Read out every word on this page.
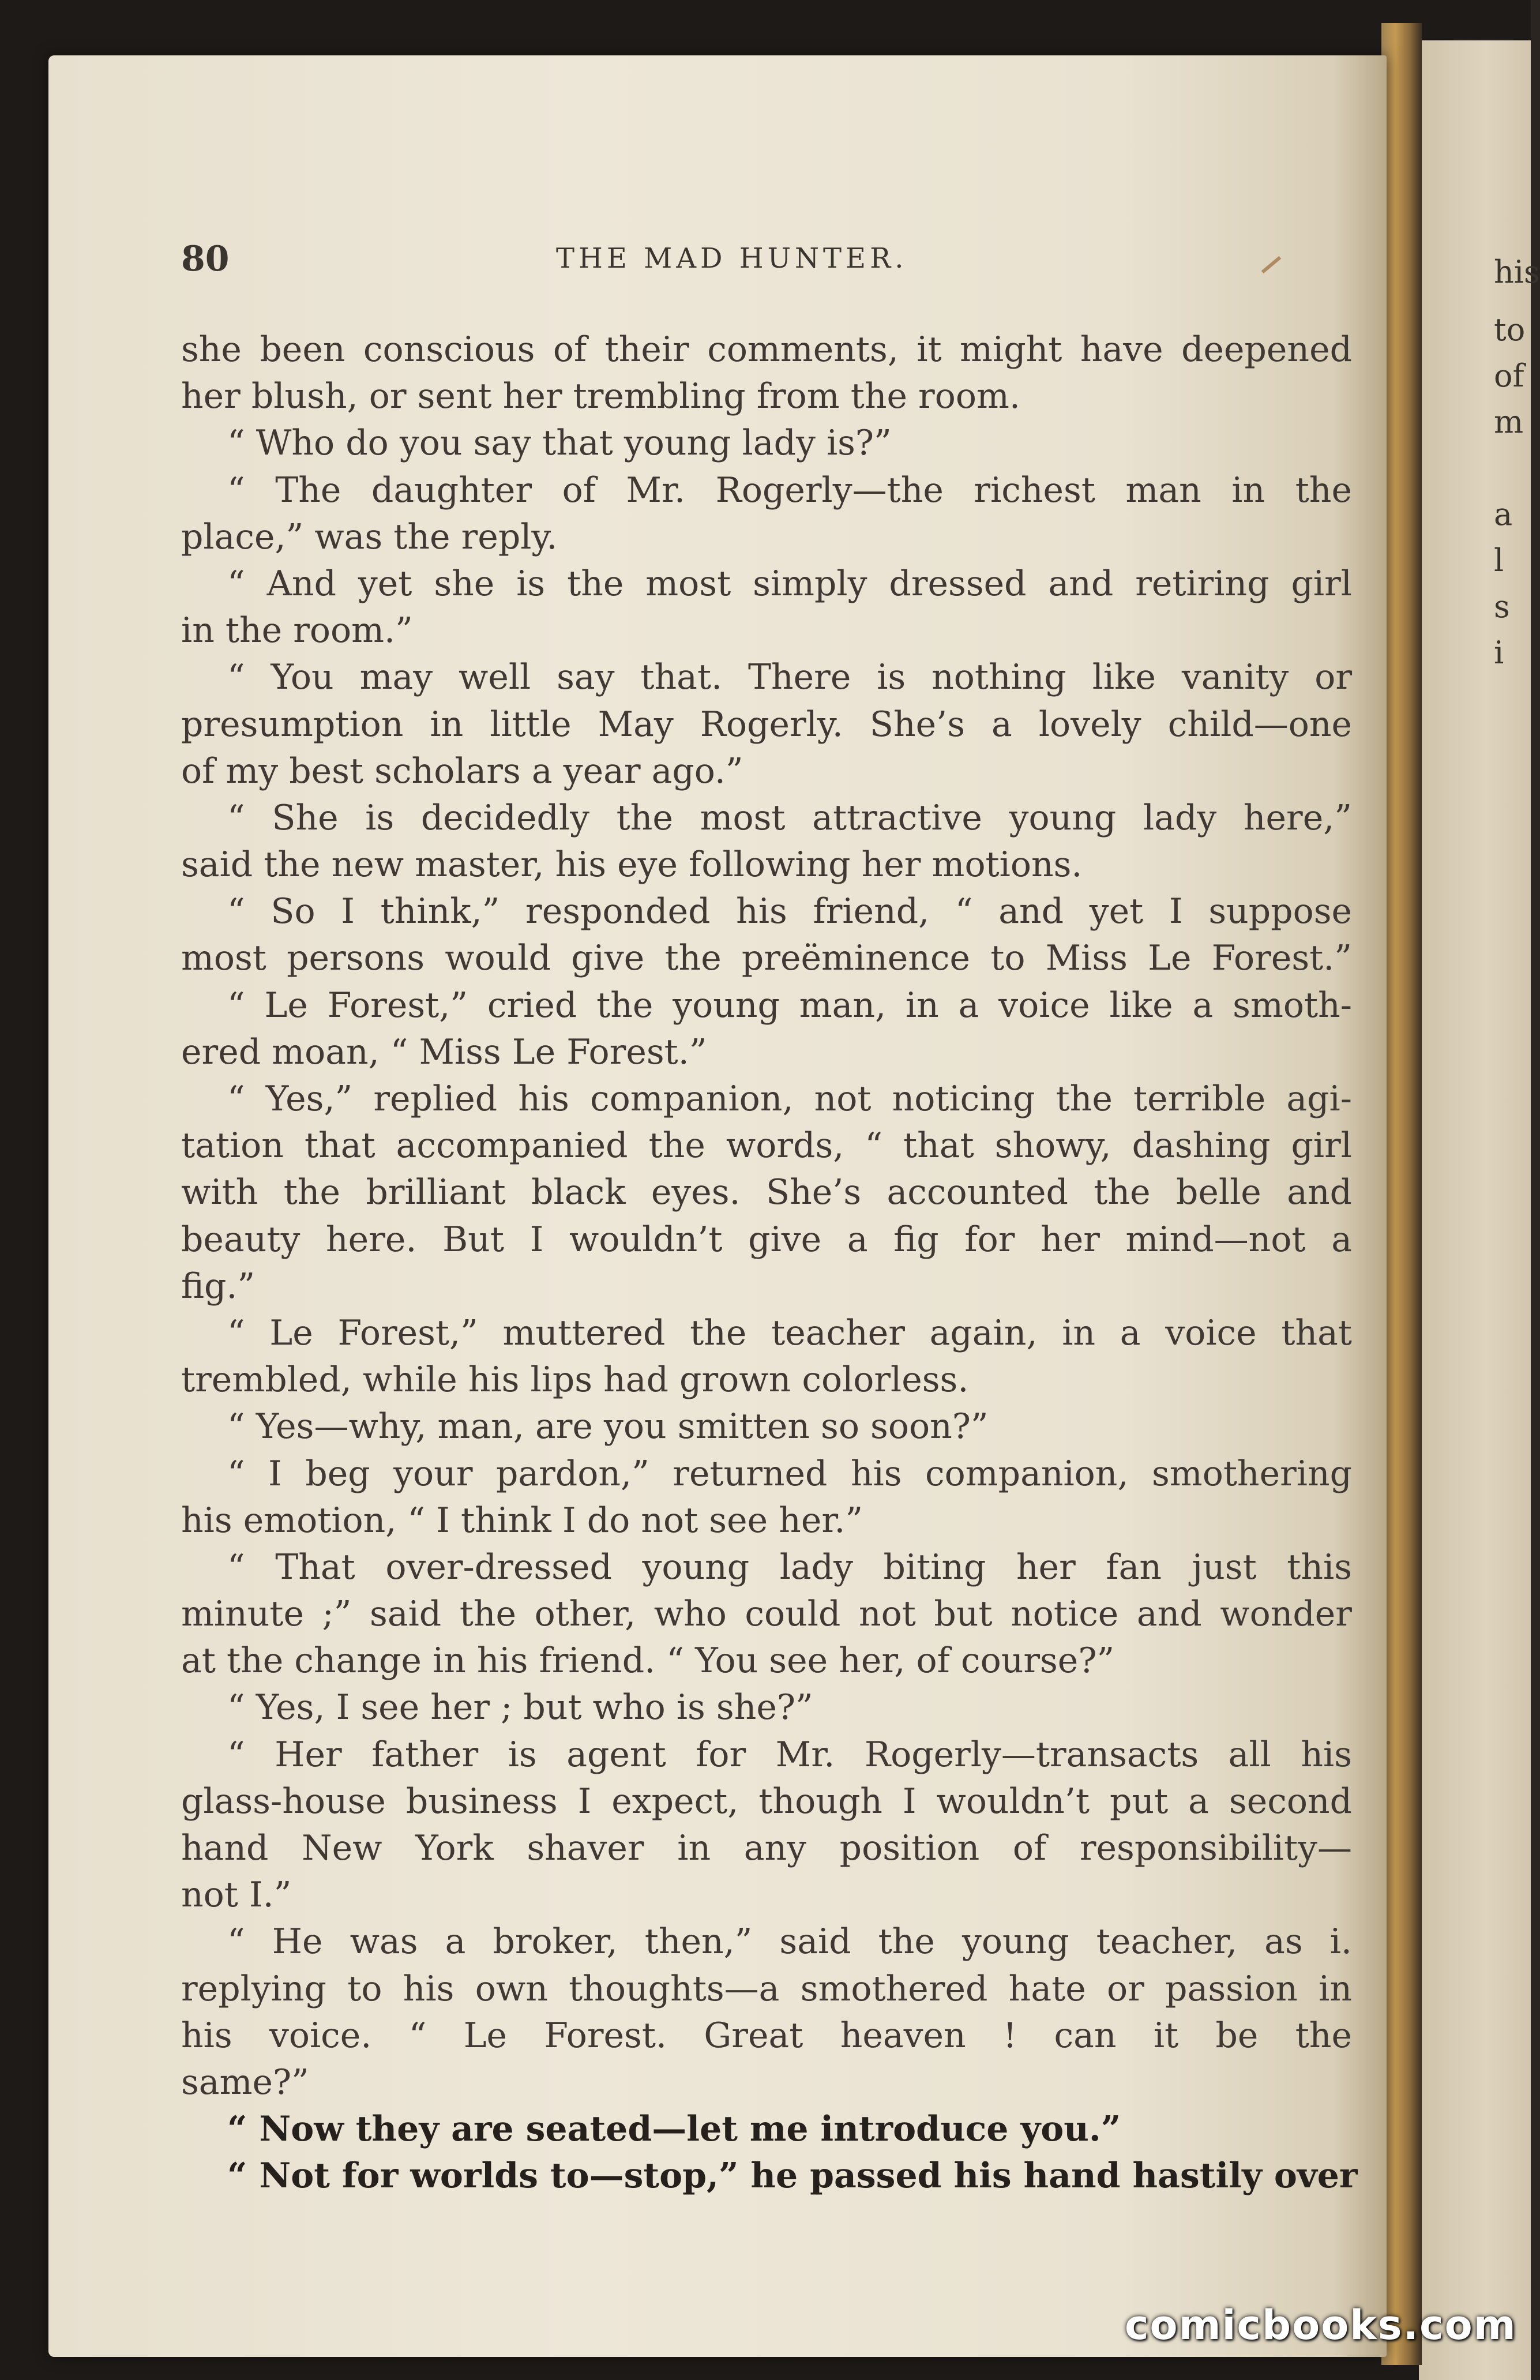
his
to
of
m
a
l
s
i
80	THE MAD HUNTER.
she been conscious of their comments, it might have deepened
her blush, or sent her trembling from the room.
“ Who do you say that young lady is?”
“ The daughter of Mr. Rogerly—the richest man in the
place,” was the reply.
“ And yet she is the most simply dressed and retiring girl
in the room.”
“ You may well say that. There is nothing like vanity or
presumption in little May Rogerly. She’s a lovely child—one
of my best scholars a year ago.”
“ She is decidedly the most attractive young lady here,”
said the new master, his eye following her motions.
“ So I think,” responded his friend, “ and yet I suppose
most persons would give the preëminence to Miss Le Forest.”
“ Le Forest,” cried the young man, in a voice like a smoth-
ered moan, “ Miss Le Forest.”
“ Yes,” replied his companion, not noticing the terrible agi-
tation that accompanied the words, “ that showy, dashing girl
with the brilliant black eyes. She’s accounted the belle and
beauty here. But I wouldn’t give a fig for her mind—not a
fig.”
“ Le Forest,” muttered the teacher again, in a voice that
trembled, while his lips had grown colorless.
“ Yes—why, man, are you smitten so soon?”
“ I beg your pardon,” returned his companion, smothering
his emotion, “ I think I do not see her.”
“ That over-dressed young lady biting her fan just this
minute ;” said the other, who could not but notice and wonder
at the change in his friend. “ You see her, of course?”
“ Yes, I see her ; but who is she?”
“ Her father is agent for Mr. Rogerly—transacts all his
glass-house business I expect, though I wouldn’t put a second
hand New York shaver in any position of responsibility—
not I.”
“ He was a broker, then,” said the young teacher, as i.
replying to his own thoughts—a smothered hate or passion in
his voice. “ Le Forest. Great heaven ! can it be the
same?”
“ Now they are seated—let me introduce you.”
“ Not for worlds to—stop,” he passed his hand hastily over
comicbooks.com
